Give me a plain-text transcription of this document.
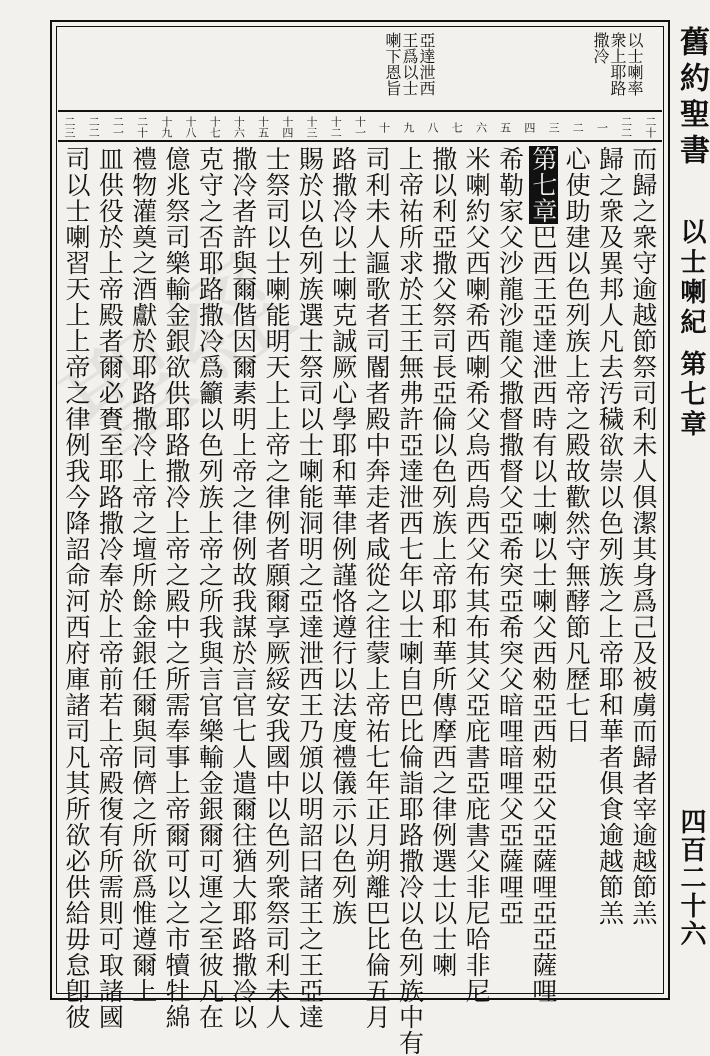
聖經
舊約聖書
以士喇紀
第七章
四百二十六
以士喇率
衆上耶路
撒冷
亞達泄西
王爲以士
喇下恩旨
二十
二二
一
二
三
四
五
六
七
八
九
十
十一
十二
十三
十四
十五
十六
十七
十八
十九
二十
二一
二二
二三
而歸之衆守逾越節祭司利未人俱潔其身爲己及被虜而歸者宰逾越節羔
歸之衆及異邦人凡去汚穢欲崇以色列族之上帝耶和華者俱食逾越節羔
心使助建以色列族上帝之殿故歡然守無酵節凡歷七日
第七章巴西王亞達泄西時有以士喇以士喇父西勑亞西勑亞父亞薩哩亞亞薩哩
希勒家父沙龍沙龍父撒督撒督父亞希突亞希突父暗哩暗哩父亞薩哩亞
米喇約父西喇希西喇希父烏西烏西父布其布其父亞庇書亞庇書父非尼哈非尼
撒以利亞撒父祭司長亞倫以色列族上帝耶和華所傳摩西之律例選士以士喇
上帝祐所求於王王無弗許亞達泄西七年以士喇自巴比倫詣耶路撒冷以色列族中有
司利未人謳歌者司閽者殿中奔走者咸從之往蒙上帝祐七年正月朔離巴比倫五月
路撒冷以士喇克誠厥心學耶和華律例謹恪遵行以法度禮儀示以色列族
賜於以色列族選士祭司以士喇能洞明之亞達泄西王乃頒以明詔曰諸王之王亞達
士祭司以士喇能明天上上帝之律例者願爾享厥綏安我國中以色列衆祭司利未人
撒冷者許與爾偕因爾素明上帝之律例故我謀於言官七人遣爾往猶大耶路撒冷以
克守之否耶路撒冷爲籲以色列族上帝之所我與言官樂輸金銀爾可運之至彼凡在
億兆祭司樂輸金銀欲供耶路撒冷上帝之殿中之所需奉事上帝爾可以之市犢牡綿
禮物灌奠之酒獻於耶路撒冷上帝之壇所餘金銀任爾與同儕之所欲爲惟遵爾上
皿供役於上帝殿者爾必賚至耶路撒冷奉於上帝前若上帝殿復有所需則可取諸國
司以士喇習天上上帝之律例我今降詔命河西府庫諸司凡其所欲必供給毋怠卽彼
